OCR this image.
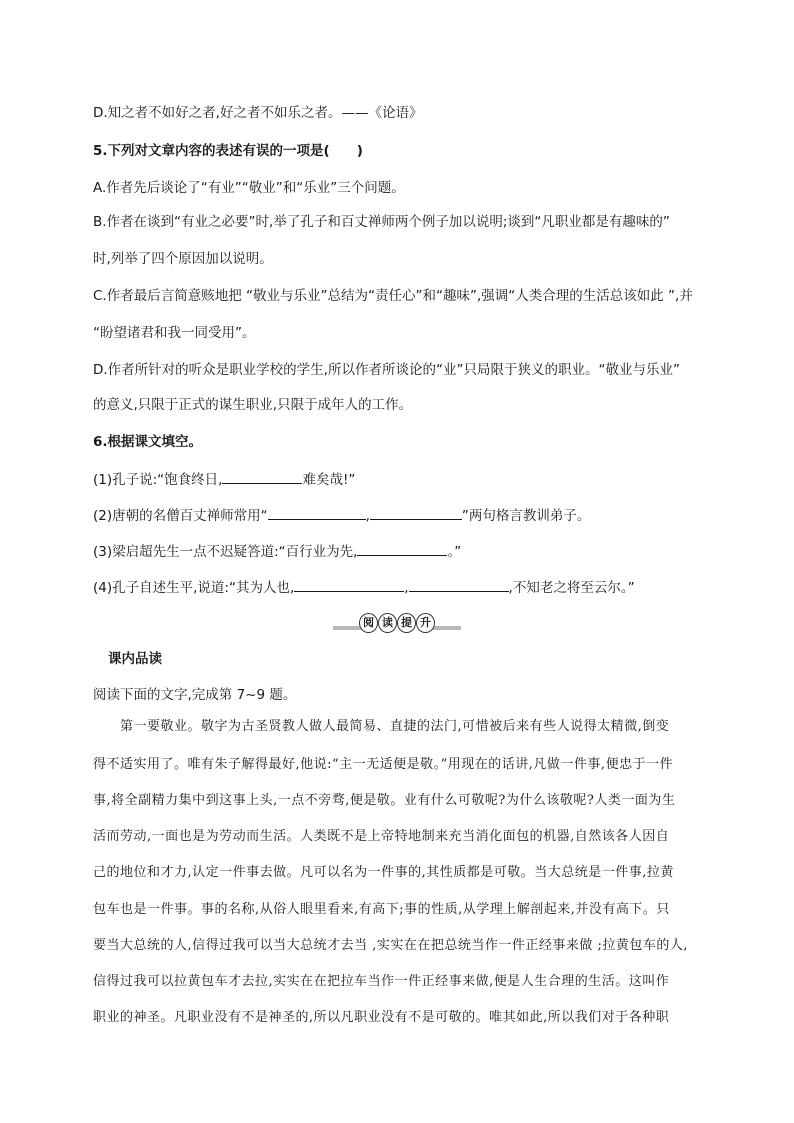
D.知之者不如好之者,好之者不如乐之者。——《论语》
5.下列对文章内容的表述有误的一项是(　　)
A.作者先后谈论了“有业”“敬业”和“乐业”三个问题。
B.作者在谈到“有业之必要”时,举了孔子和百丈禅师两个例子加以说明;谈到“凡职业都是有趣味的”
时,列举了四个原因加以说明。
C.作者最后言简意赅地把 “敬业与乐业”总结为“责任心”和“趣味”,强调“人类合理的生活总该如此 ”,并
“盼望诸君和我一同受用”。
D.作者所针对的听众是职业学校的学生,所以作者所谈论的“业”只局限于狭义的职业。“敬业与乐业”
的意义,只限于正式的谋生职业,只限于成年人的工作。
6.根据课文填空。
(1)孔子说:“饱食终日,	难矣哉!”
(2)唐朝的名僧百丈禅师常用“	,	”两句格言教训弟子。
(3)梁启超先生一点不迟疑答道:“百行业为先,	。”
(4)孔子自述生平,说道:“其为人也,	,	,不知老之将至云尔。”
阅 读 提 升
课内品读
阅读下面的文字,完成第 7~9 题。
第一要敬业。敬字为古圣贤教人做人最简易、直捷的法门,可惜被后来有些人说得太精微,倒变
得不适实用了。唯有朱子解得最好,他说:“主一无适便是敬。”用现在的话讲,凡做一件事,便忠于一件
事,将全副精力集中到这事上头,一点不旁骛,便是敬。业有什么可敬呢?为什么该敬呢?人类一面为生
活而劳动,一面也是为劳动而生活。人类既不是上帝特地制来充当消化面包的机器,自然该各人因自
己的地位和才力,认定一件事去做。凡可以名为一件事的,其性质都是可敬。当大总统是一件事,拉黄
包车也是一件事。事的名称,从俗人眼里看来,有高下;事的性质,从学理上解剖起来,并没有高下。只
要当大总统的人,信得过我可以当大总统才去当 ,实实在在把总统当作一件正经事来做 ;拉黄包车的人,
信得过我可以拉黄包车才去拉,实实在在把拉车当作一件正经事来做,便是人生合理的生活。这叫作
职业的神圣。凡职业没有不是神圣的,所以凡职业没有不是可敬的。唯其如此,所以我们对于各种职
